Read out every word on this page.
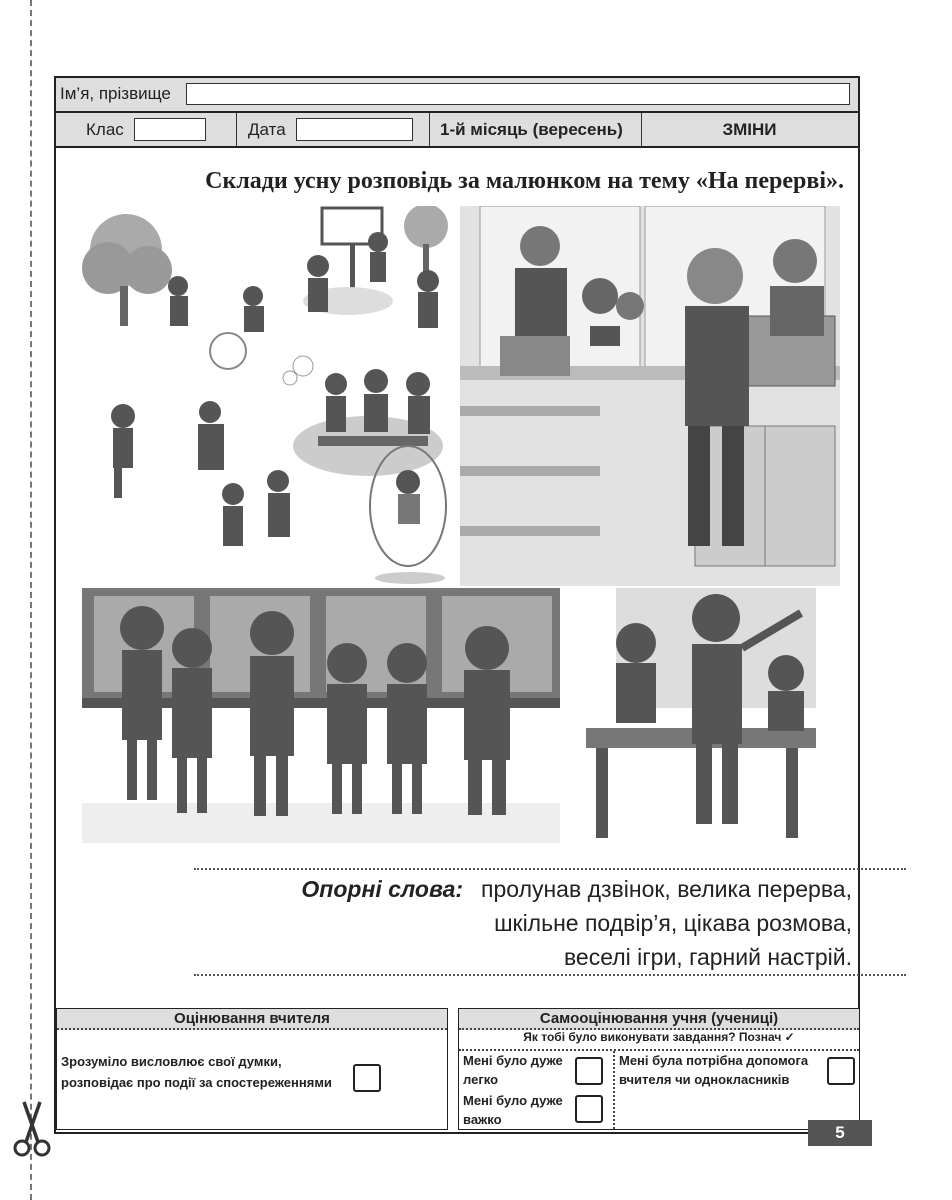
Ім’я, прізвище
Клас	Дата	1-й місяць (вересень)	ЗМІНИ
Склади усну розповідь за малюнком на тему «На перерві».
Опорні слова: пролунав дзвінок, велика перерва,
шкільне подвір’я, цікава розмова,
веселі ігри, гарний настрій.
Оцінювання вчителя
Зрозуміло висловлює свої думки,
розповідає про події за спостереженнями
Самооцінювання учня (учениці)
Як тобі було виконувати завдання? Познач ✓
Мені було дуже
легко
Мені було дуже
важко
Мені була потрібна допомога
вчителя чи однокласників
5
